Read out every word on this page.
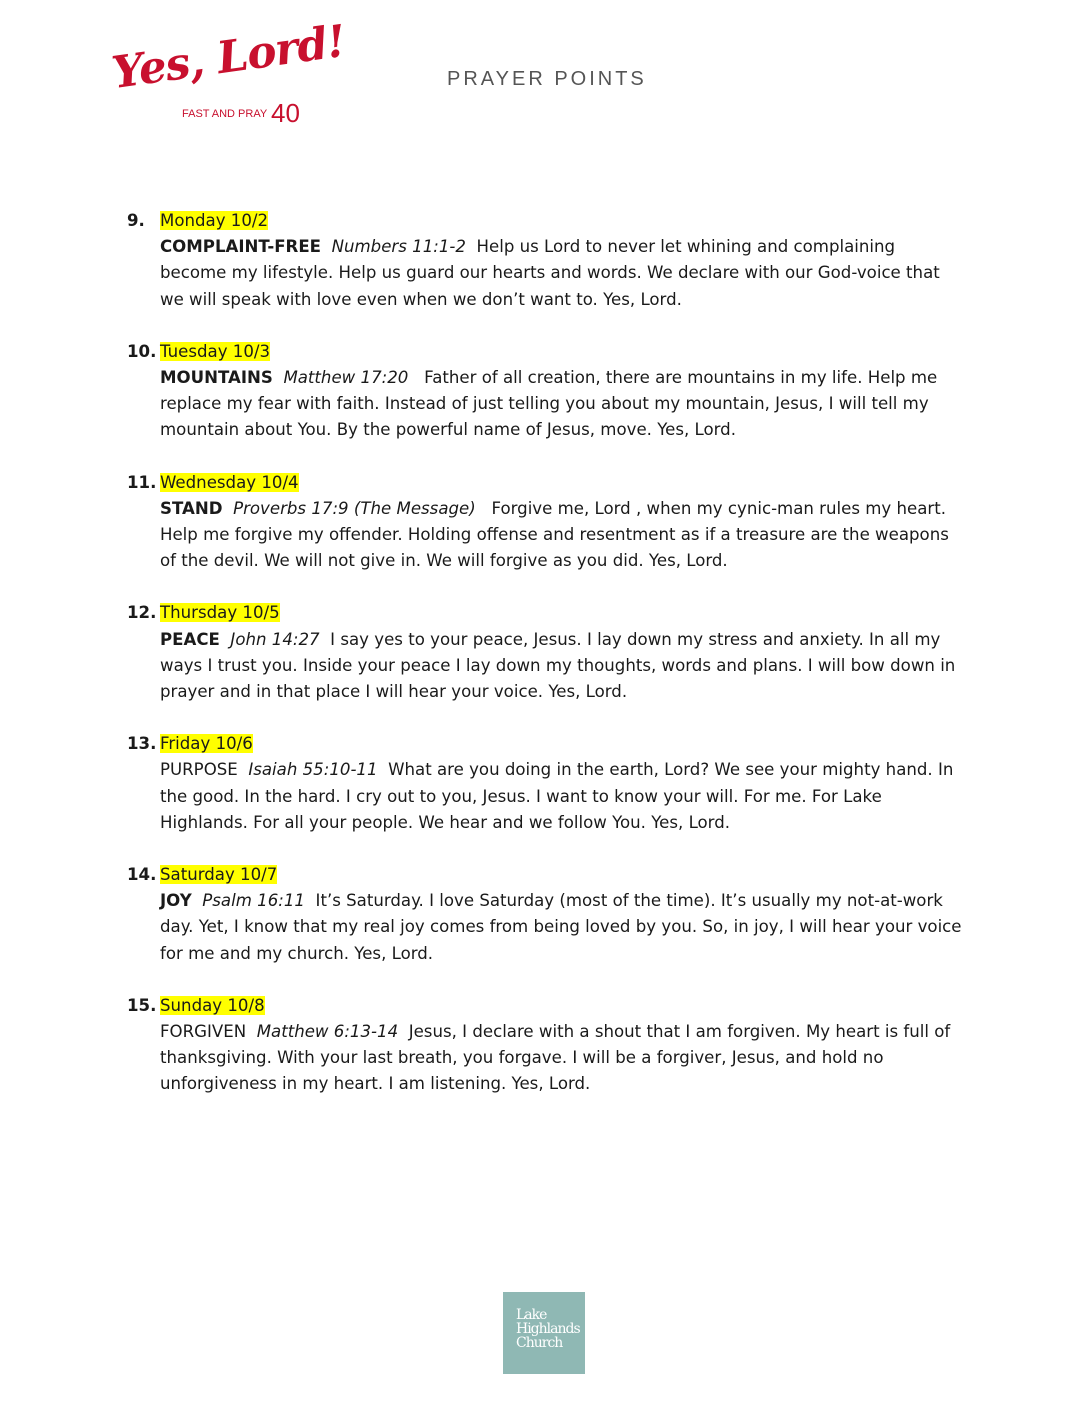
Yes, Lord!
FAST AND PRAY 40
PRAYER POINTS
9. Monday 10/2
COMPLAINT-FREE Numbers 11:1-2 Help us Lord to never let whining and complaining become my lifestyle. Help us guard our hearts and words. We declare with our God-voice that we will speak with love even when we don’t want to. Yes, Lord.
10. Tuesday 10/3
MOUNTAINS Matthew 17:20 Father of all creation, there are mountains in my life. Help me replace my fear with faith. Instead of just telling you about my mountain, Jesus, I will tell my mountain about You. By the powerful name of Jesus, move. Yes, Lord.
11. Wednesday 10/4
STAND Proverbs 17:9 (The Message) Forgive me, Lord , when my cynic-man rules my heart. Help me forgive my offender. Holding offense and resentment as if a treasure are the weapons of the devil. We will not give in. We will forgive as you did. Yes, Lord.
12. Thursday 10/5
PEACE John 14:27 I say yes to your peace, Jesus. I lay down my stress and anxiety. In all my ways I trust you. Inside your peace I lay down my thoughts, words and plans. I will bow down in prayer and in that place I will hear your voice. Yes, Lord.
13. Friday 10/6
PURPOSE Isaiah 55:10-11 What are you doing in the earth, Lord? We see your mighty hand. In the good. In the hard. I cry out to you, Jesus. I want to know your will. For me. For Lake Highlands. For all your people. We hear and we follow You. Yes, Lord.
14. Saturday 10/7
JOY Psalm 16:11 It’s Saturday. I love Saturday (most of the time). It’s usually my not-at-work day. Yet, I know that my real joy comes from being loved by you. So, in joy, I will hear your voice for me and my church. Yes, Lord.
15. Sunday 10/8
FORGIVEN Matthew 6:13-14 Jesus, I declare with a shout that I am forgiven. My heart is full of thanksgiving. With your last breath, you forgave. I will be a forgiver, Jesus, and hold no unforgiveness in my heart. I am listening. Yes, Lord.
Lake
Highlands
Church
